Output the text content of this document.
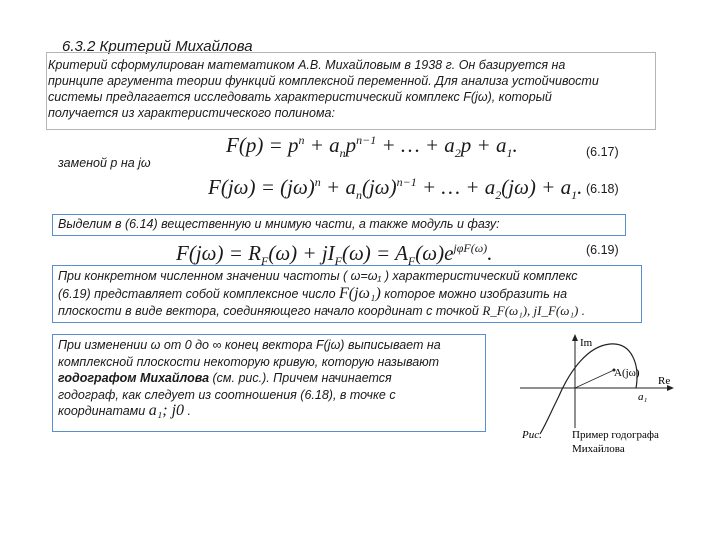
6.3.2 Критерий Михайлова
Критерий сформулирован математиком А.В. Михайловым в 1938 г. Он базируется на
принципе аргумента теории функций комплексной переменной. Для анализа устойчивости
системы предлагается исследовать характеристический комплекс F(jω), который
получается из характеристического полинома:
$F(p) = p^n + a_np^{n-1}$ + … + $a_2p + a_1$.	(6.17)
заменой p на jω
$F(j\omega) = (j\omega)^n + a_n(j\omega)^{n-1}$ + … + $a_2(j\omega) + a_1$. (6.18)
Выделим в (6.14) вещественную и мнимую части, а также модуль и фазу:
$F(j\omega) = R_F(\omega) + jI_F(\omega) = A_F(\omega)e^{j\varphi F(\omega)}$.	(6.19)
При конкретном численном значении частоты ( ω=ω₁ ) характеристический комплекс
(6.19) представляет собой комплексное число F(jω₁) которое можно изобразить на
плоскости в виде вектора, соединяющего начало координат с точкой R_F(ω₁), jI_F(ω₁) .
При изменении ω от 0 до ∞ конец вектора F(jω) выписывает на
комплексной плоскости некоторую кривую, которую называют
годографом Михайлова (см. рис.). Причем начинается
годограф, как следует из соотношения (6.18), в точке с
координатами a₁; j0 .
Im
Re
A(jω)
a₁
Рис.	Пример годографа
Михайлова
